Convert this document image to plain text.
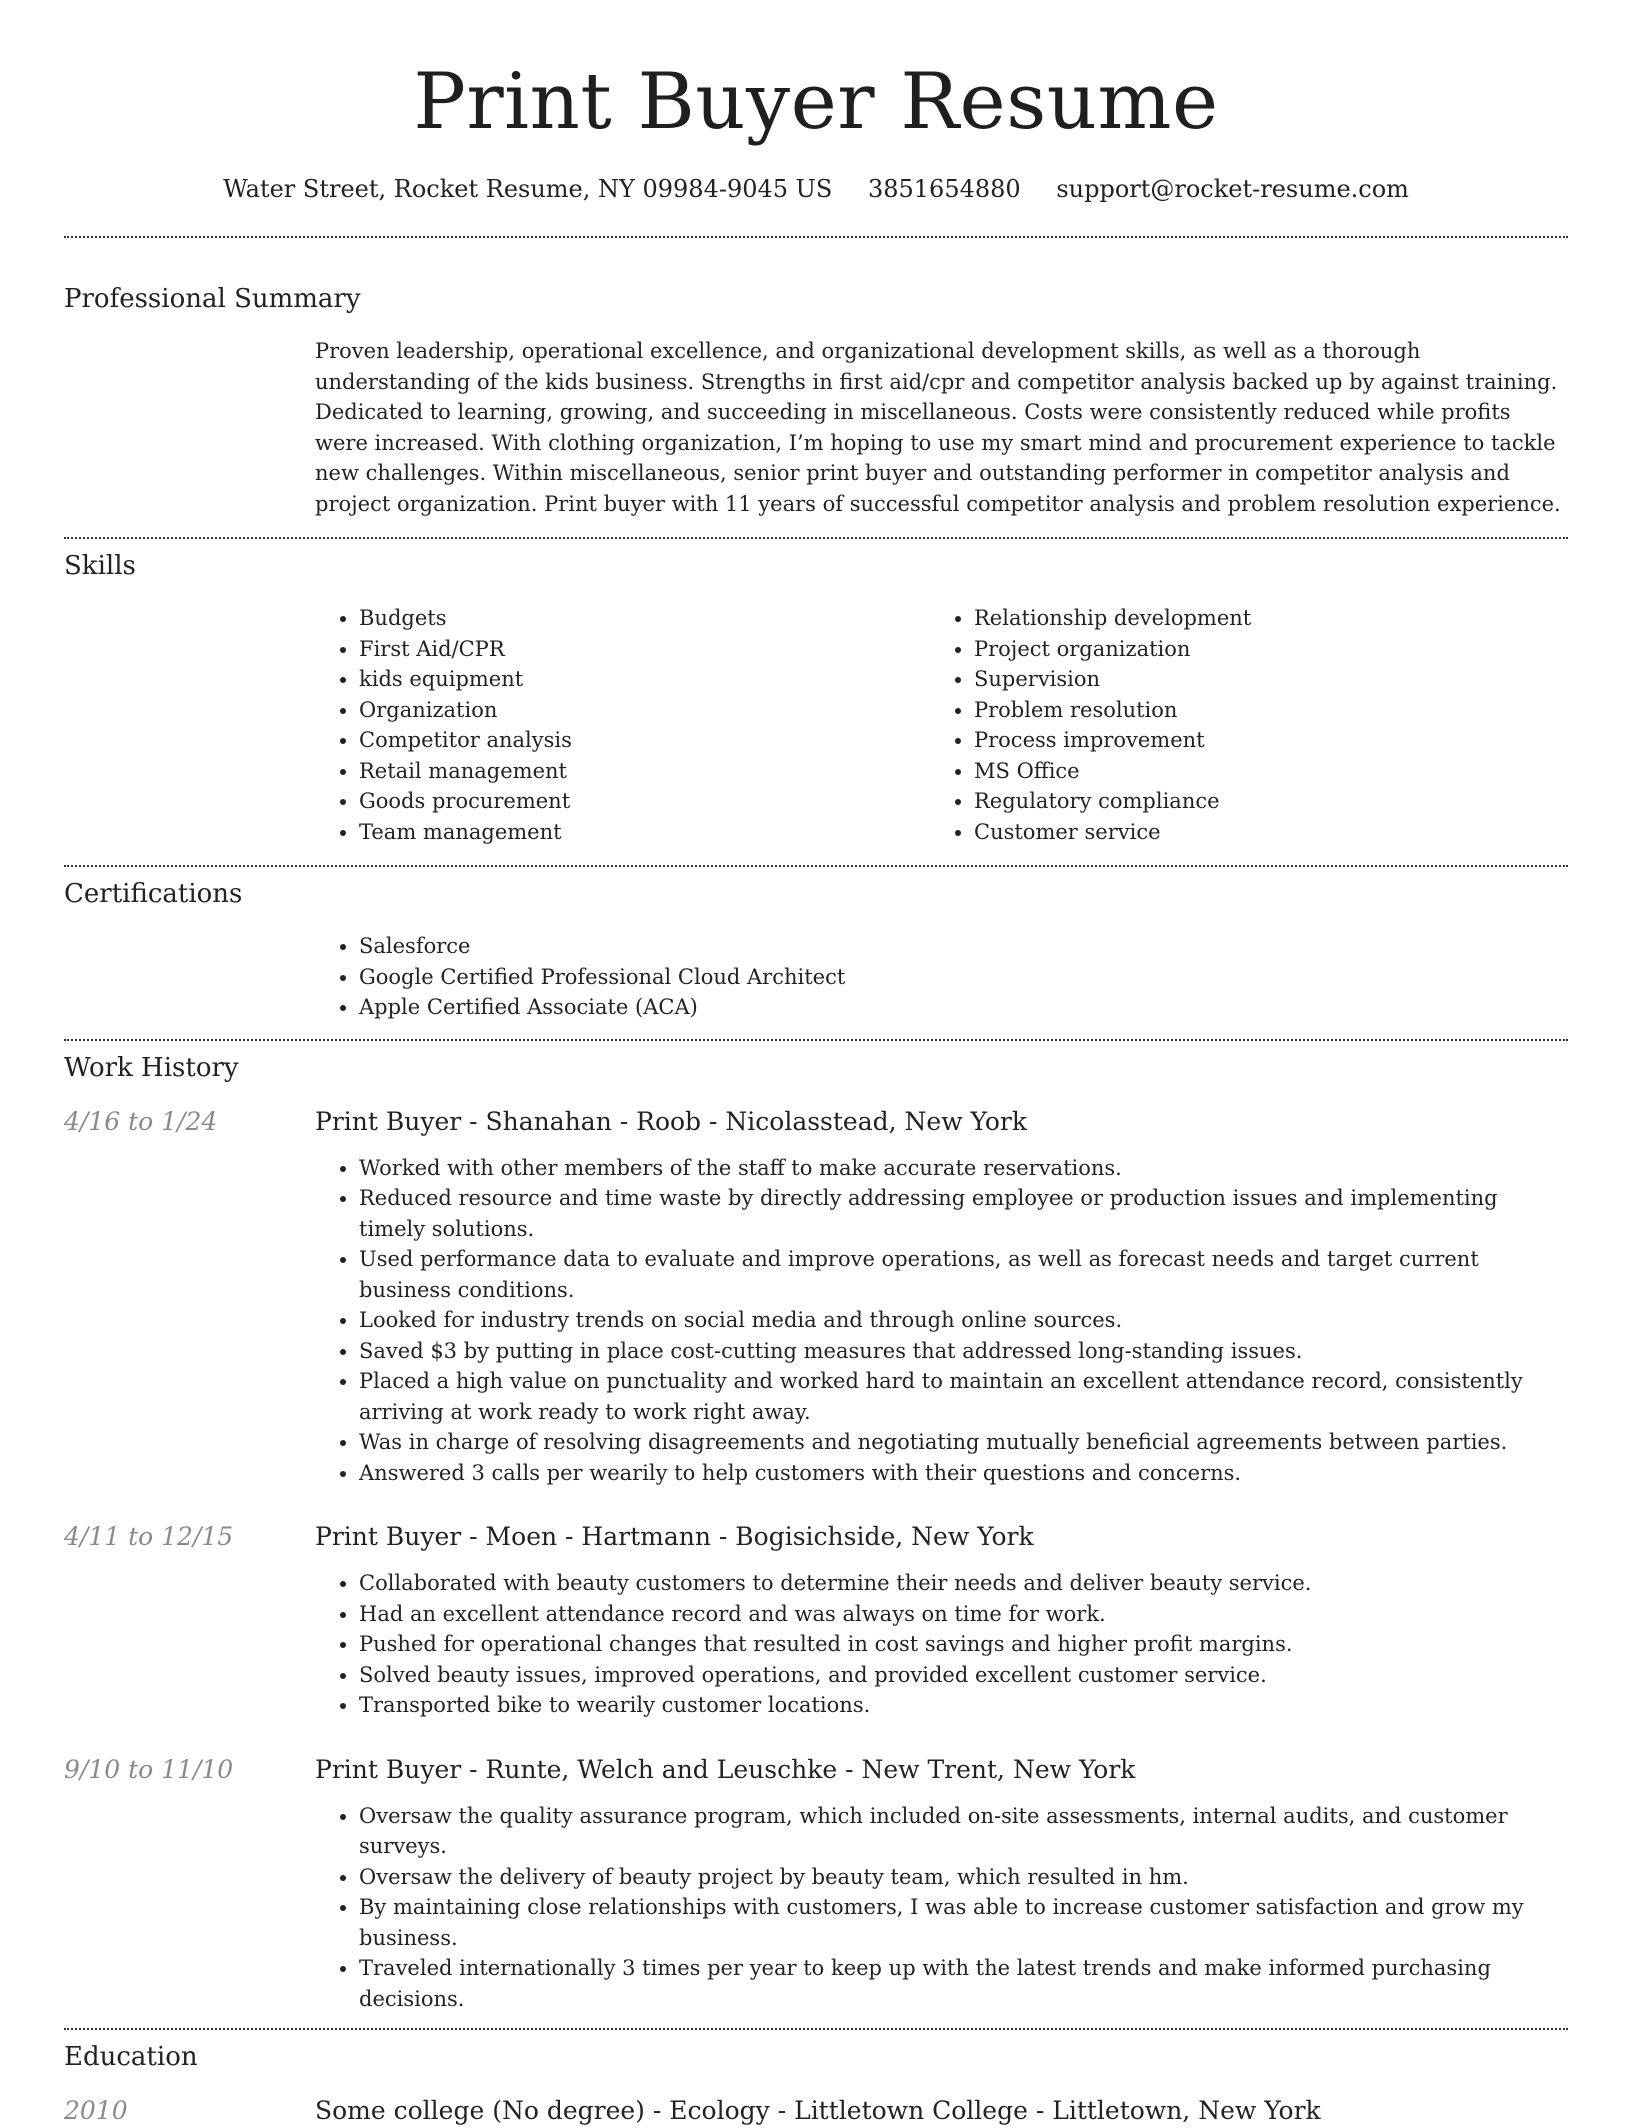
Print Buyer Resume
Water Street, Rocket Resume, NY 09984-9045 US 3851654880 support@rocket-resume.com
Professional Summary
Proven leadership, operational excellence, and organizational development skills, as well as a thorough understanding of the kids business. Strengths in first aid/cpr and competitor analysis backed up by against training. Dedicated to learning, growing, and succeeding in miscellaneous. Costs were consistently reduced while profits were increased. With clothing organization, I’m hoping to use my smart mind and procurement experience to tackle new challenges. Within miscellaneous, senior print buyer and outstanding performer in competitor analysis and project organization. Print buyer with 11 years of successful competitor analysis and problem resolution experience.
Skills
• Budgets
• First Aid/CPR
• kids equipment
• Organization
• Competitor analysis
• Retail management
• Goods procurement
• Team management
• Relationship development
• Project organization
• Supervision
• Problem resolution
• Process improvement
• MS Office
• Regulatory compliance
• Customer service
Certifications
• Salesforce
• Google Certified Professional Cloud Architect
• Apple Certified Associate (ACA)
Work History
4/16 to 1/24	Print Buyer - Shanahan - Roob - Nicolasstead, New York
• Worked with other members of the staff to make accurate reservations.
• Reduced resource and time waste by directly addressing employee or production issues and implementing timely solutions.
• Used performance data to evaluate and improve operations, as well as forecast needs and target current business conditions.
• Looked for industry trends on social media and through online sources.
• Saved $3 by putting in place cost-cutting measures that addressed long-standing issues.
• Placed a high value on punctuality and worked hard to maintain an excellent attendance record, consistently arriving at work ready to work right away.
• Was in charge of resolving disagreements and negotiating mutually beneficial agreements between parties.
• Answered 3 calls per wearily to help customers with their questions and concerns.
4/11 to 12/15	Print Buyer - Moen - Hartmann - Bogisichside, New York
• Collaborated with beauty customers to determine their needs and deliver beauty service.
• Had an excellent attendance record and was always on time for work.
• Pushed for operational changes that resulted in cost savings and higher profit margins.
• Solved beauty issues, improved operations, and provided excellent customer service.
• Transported bike to wearily customer locations.
9/10 to 11/10	Print Buyer - Runte, Welch and Leuschke - New Trent, New York
• Oversaw the quality assurance program, which included on-site assessments, internal audits, and customer surveys.
• Oversaw the delivery of beauty project by beauty team, which resulted in hm.
• By maintaining close relationships with customers, I was able to increase customer satisfaction and grow my business.
• Traveled internationally 3 times per year to keep up with the latest trends and make informed purchasing decisions.
Education
2010	Some college (No degree) - Ecology - Littletown College - Littletown, New York
